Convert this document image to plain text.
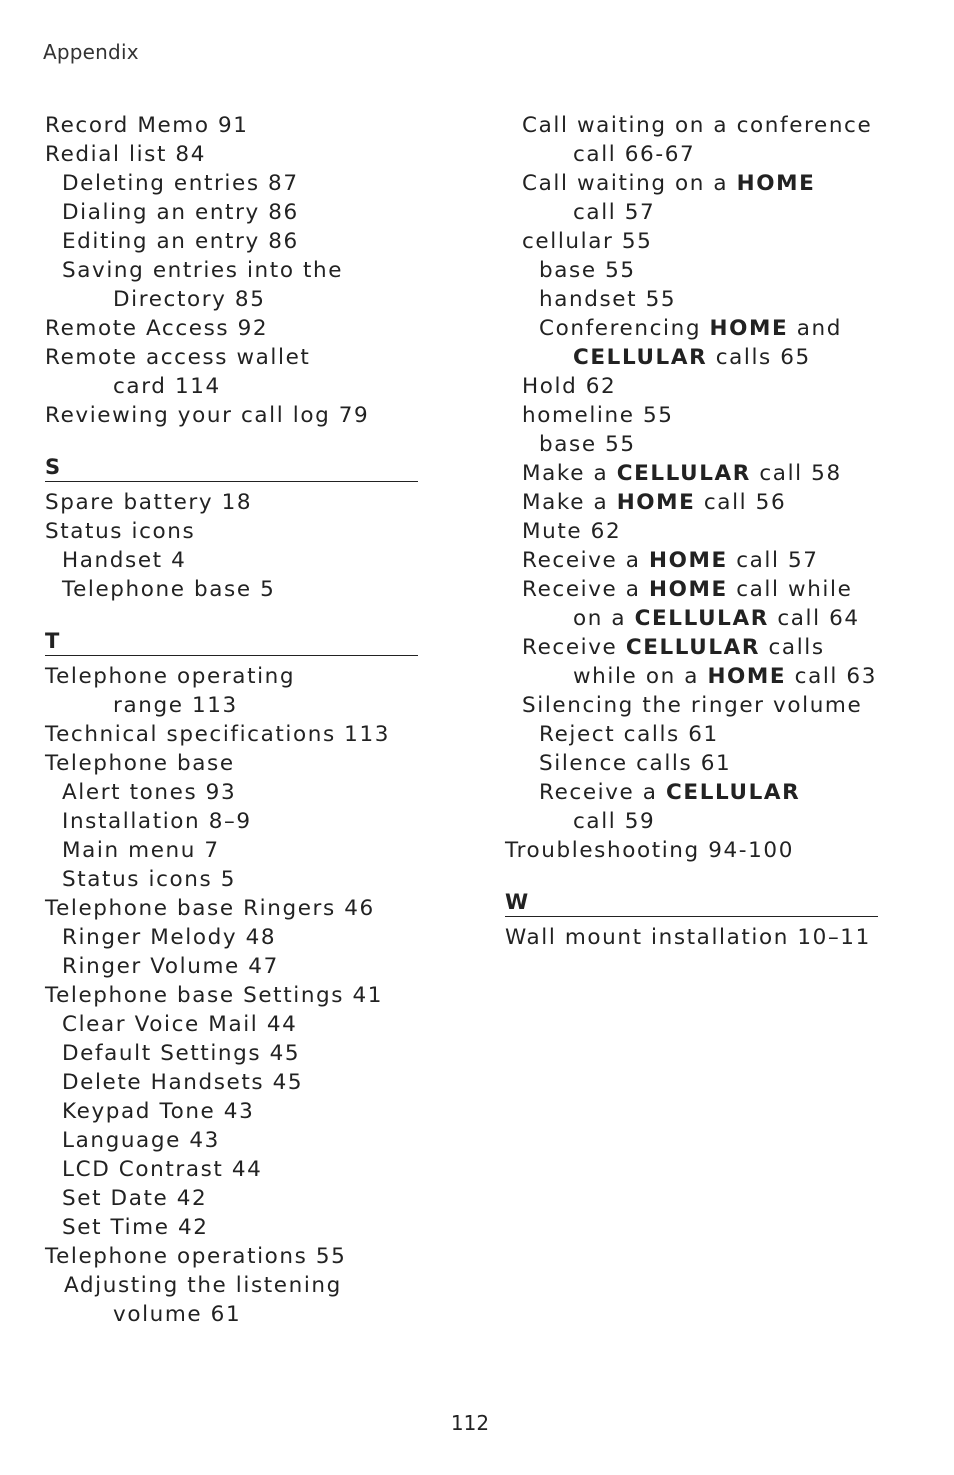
Appendix
Record Memo 91
Redial list 84
Deleting entries 87
Dialing an entry 86
Editing an entry 86
Saving entries into the
Directory 85
Remote Access 92
Remote access wallet
card 114
Reviewing your call log 79
S
Spare battery 18
Status icons
Handset 4
Telephone base 5
T
Telephone operating
range 113
Technical specifications 113
Telephone base
Alert tones 93
Installation 8–9
Main menu 7
Status icons 5
Telephone base Ringers 46
Ringer Melody 48
Ringer Volume 47
Telephone base Settings 41
Clear Voice Mail 44
Default Settings 45
Delete Handsets 45
Keypad Tone 43
Language 43
LCD Contrast 44
Set Date 42
Set Time 42
Telephone operations 55
Adjusting the listening
volume 61
Call waiting on a conference
call 66-67
Call waiting on a HOME
call 57
cellular 55
base 55
handset 55
Conferencing HOME and
CELLULAR calls 65
Hold 62
homeline 55
base 55
Make a CELLULAR call 58
Make a HOME call 56
Mute 62
Receive a HOME call 57
Receive a HOME call while
on a CELLULAR call 64
Receive CELLULAR calls
while on a HOME call 63
Silencing the ringer volume
Reject calls 61
Silence calls 61
Receive a CELLULAR
call 59
Troubleshooting 94-100
W
Wall mount installation 10–11
112
